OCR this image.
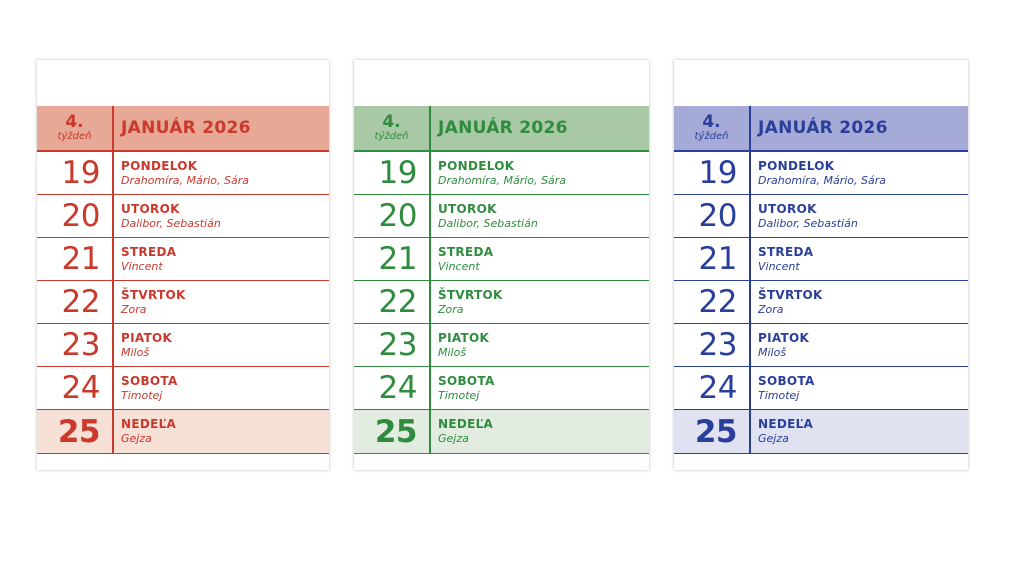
4.
týždeň	JANUÁR 2026
19	PONDELOK
Drahomíra, Mário, Sára
20	UTOROK
Dalibor, Sebastián
21	STREDA
Vincent
22	ŠTVRTOK
Zora
23	PIATOK
Miloš
24	SOBOTA
Timotej
25	NEDEĽA
Gejza
4.
týždeň	JANUÁR 2026
19	PONDELOK
Drahomíra, Mário, Sára
20	UTOROK
Dalibor, Sebastián
21	STREDA
Vincent
22	ŠTVRTOK
Zora
23	PIATOK
Miloš
24	SOBOTA
Timotej
25	NEDEĽA
Gejza
4.
týždeň	JANUÁR 2026
19	PONDELOK
Drahomíra, Mário, Sára
20	UTOROK
Dalibor, Sebastián
21	STREDA
Vincent
22	ŠTVRTOK
Zora
23	PIATOK
Miloš
24	SOBOTA
Timotej
25	NEDEĽA
Gejza
